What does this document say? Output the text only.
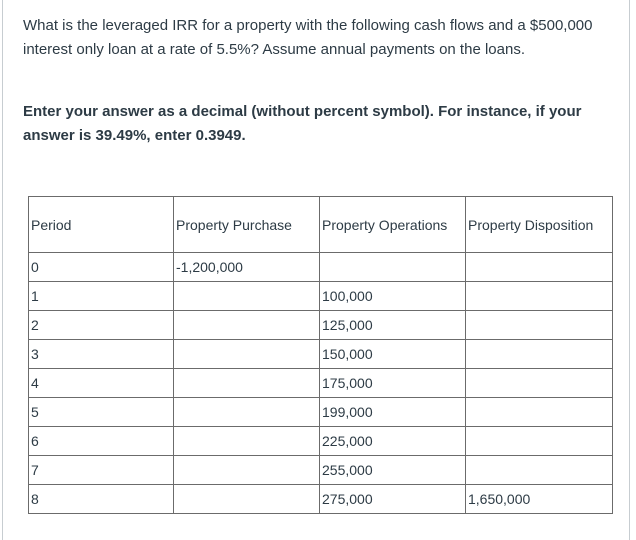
What is the leveraged IRR for a property with the following cash flows and a $500,000 interest only loan at a rate of 5.5%? Assume annual payments on the loans.

Enter your answer as a decimal (without percent symbol). For instance, if your answer is 39.49%, enter 0.3949.

Period	Property Purchase	Property Operations	Property Disposition
0	-1,200,000		
1		100,000	
2		125,000	
3		150,000	
4		175,000	
5		199,000	
6		225,000	
7		255,000	
8		275,000	1,650,000
